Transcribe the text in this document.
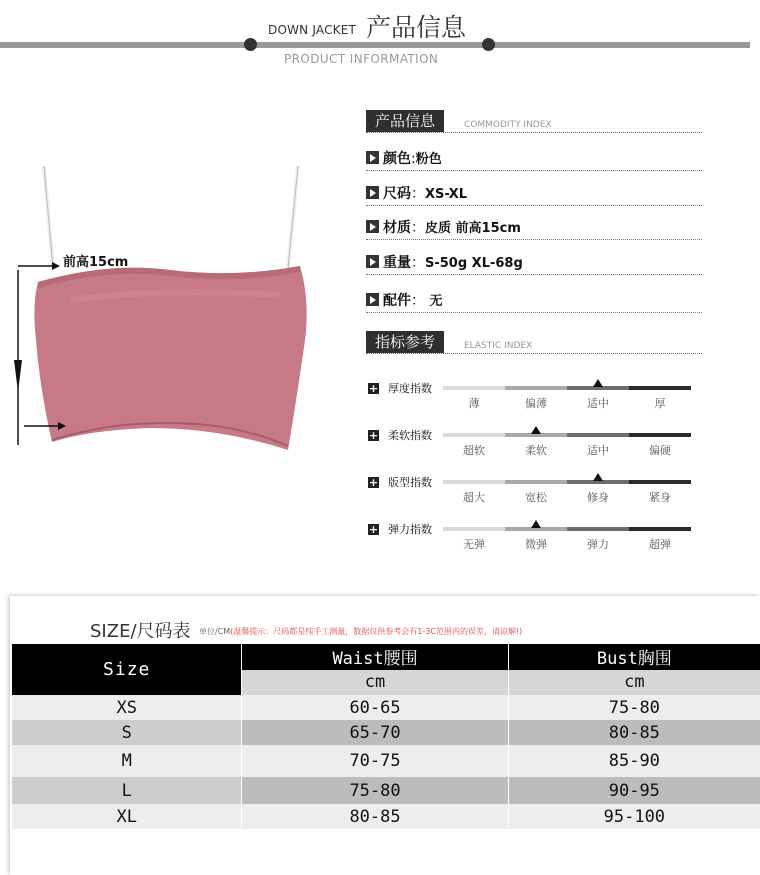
DOWN JACKET 产品信息
PRODUCT INFORMATION
前高15cm
产品信息	COMMODITY INDEX
颜色:粉色
尺码：XS-XL
材质：皮质 前高15cm
重量：S-50g XL-68g
配件： 无
指标参考	ELASTIC INDEX
+ 厚度指数
薄	偏薄	适中	厚
+ 柔软指数
超软	柔软	适中	偏硬
+ 版型指数
超大	宽松	修身	紧身
+ 弹力指数
无弹	微弹	弹力	超弹
SIZE/尺码表 单位/CM(温馨提示：尺码都是纯手工测量，数据仅供参考会有1-3C范围内的误差，请谅解!)
Size	Waist腰围	Bust胸围
	cm	cm
XS	60-65	75-80
S	65-70	80-85
M	70-75	85-90
L	75-80	90-95
XL	80-85	95-100
